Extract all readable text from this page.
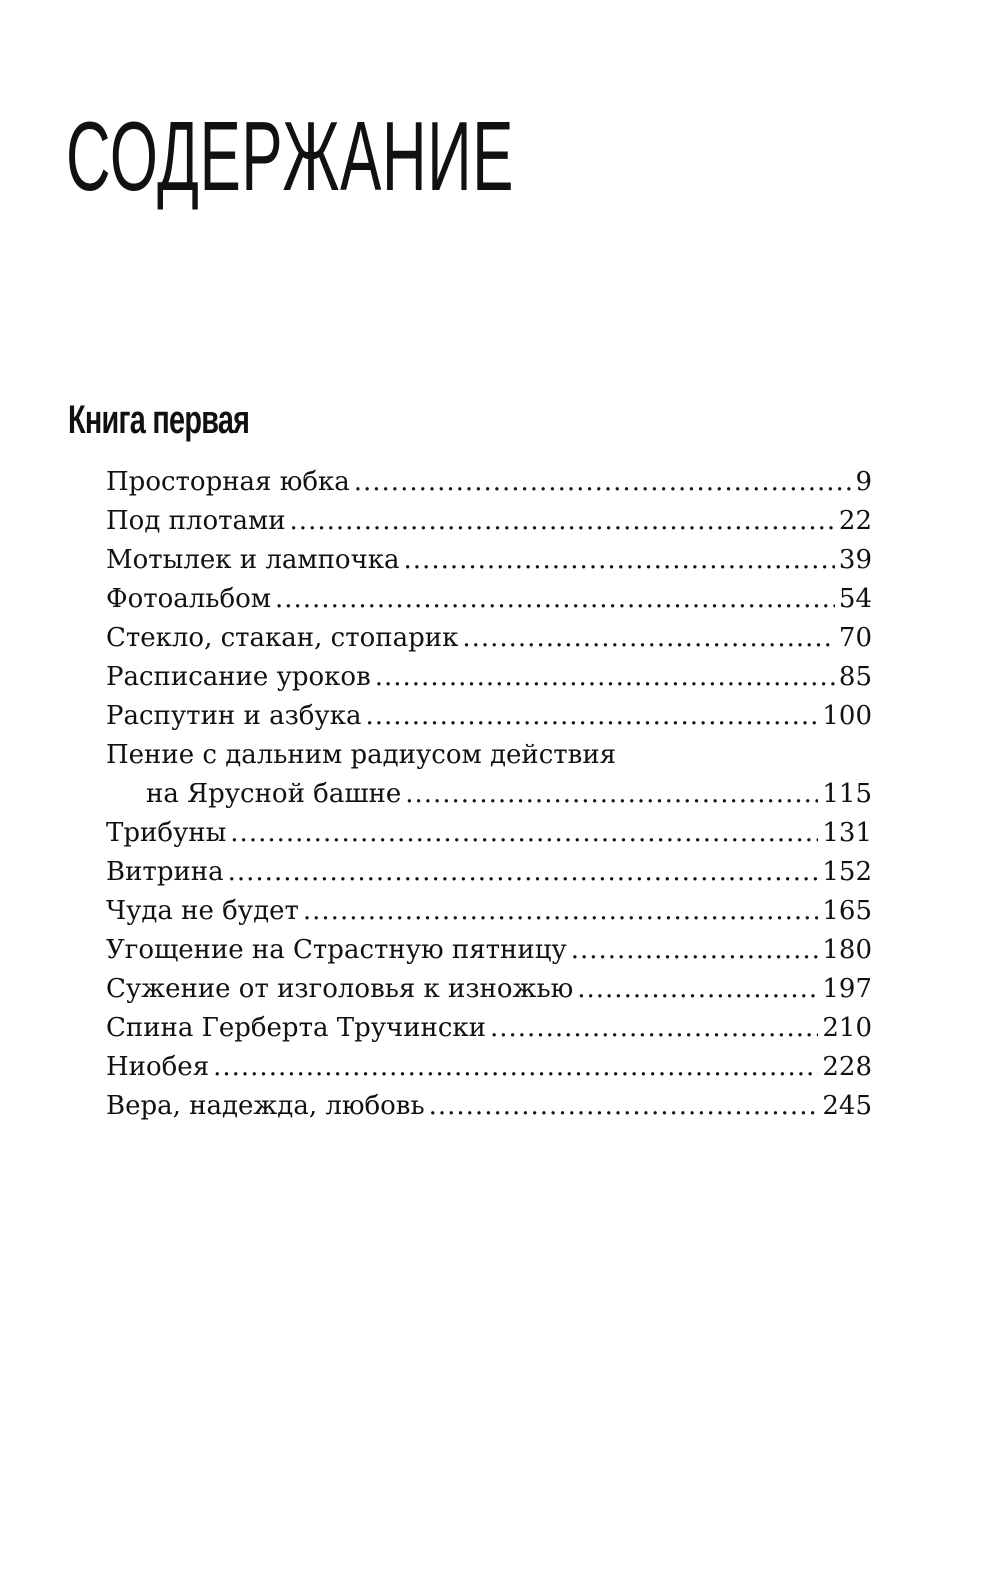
СОДЕРЖАНИЕ
Книга первая
Просторная юбка .....	9
Под плотами .....	22
Мотылек и лампочка .....	39
Фотоальбом .....	54
Стекло, стакан, стопарик .....	70
Расписание уроков .....	85
Распутин и азбука .....	100
Пение с дальним радиусом действия
на Ярусной башне .....	115
Трибуны .....	131
Витрина .....	152
Чуда не будет .....	165
Угощение на Страстную пятницу .....	180
Сужение от изголовья к изножью .....	197
Спина Герберта Тручински .....	210
Ниобея .....	228
Вера, надежда, любовь .....	245
